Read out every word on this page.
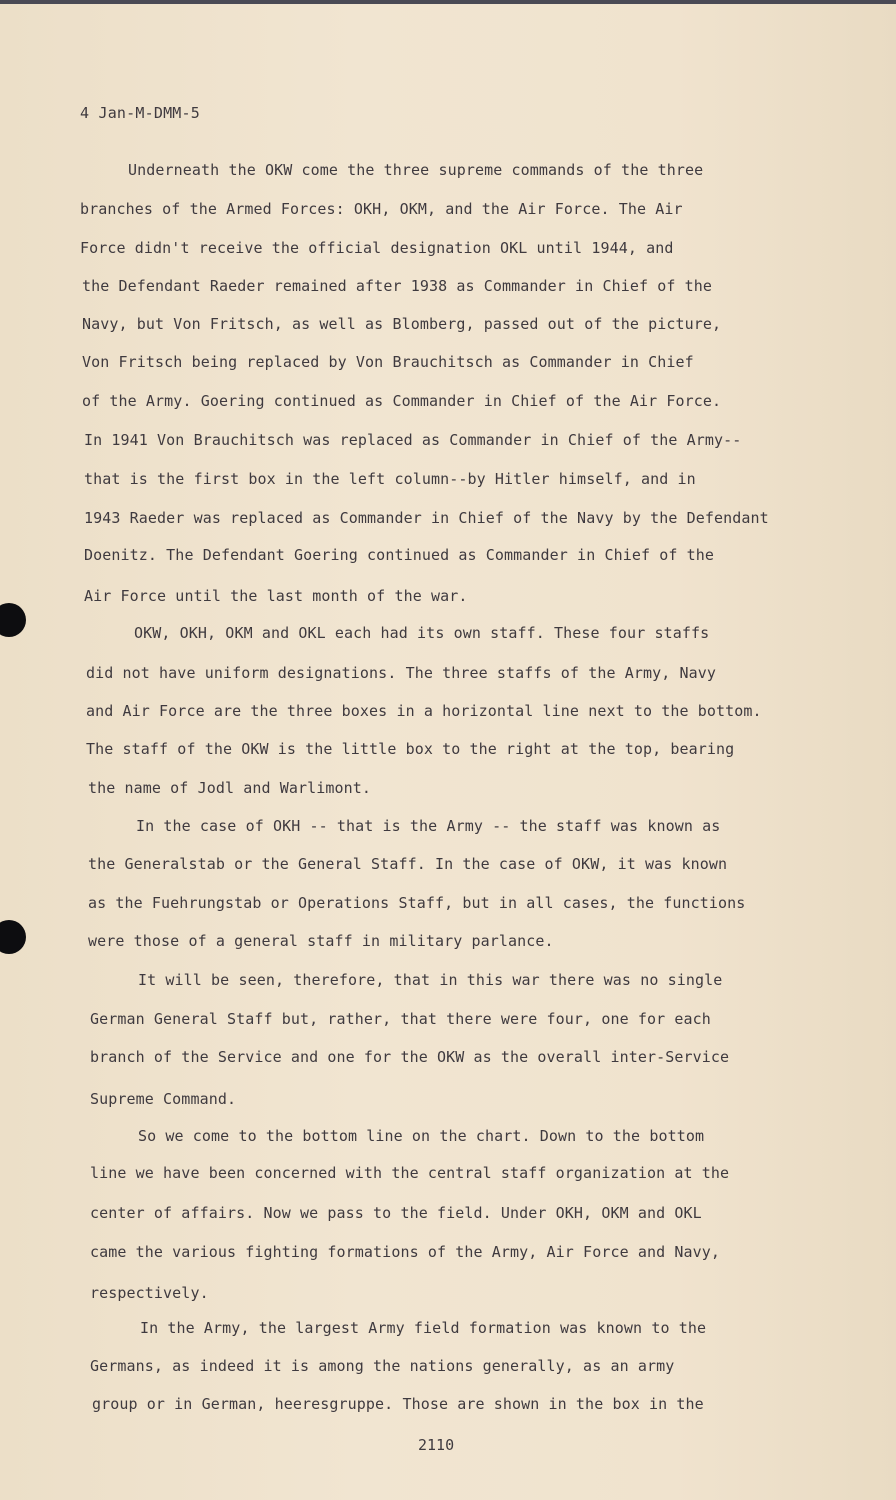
4 Jan-M-DMM-5
Underneath the OKW come the three supreme commands of the three
branches of the Armed Forces: OKH, OKM, and the Air Force. The Air
Force didn't receive the official designation OKL until 1944, and
the Defendant Raeder remained after 1938 as Commander in Chief of the
Navy, but Von Fritsch, as well as Blomberg, passed out of the picture,
Von Fritsch being replaced by Von Brauchitsch as Commander in Chief
of the Army. Goering continued as Commander in Chief of the Air Force.
In 1941 Von Brauchitsch was replaced as Commander in Chief of the Army--
that is the first box in the left column--by Hitler himself, and in
1943 Raeder was replaced as Commander in Chief of the Navy by the Defendant
Doenitz. The Defendant Goering continued as Commander in Chief of the
Air Force until the last month of the war.
OKW, OKH, OKM and OKL each had its own staff. These four staffs
did not have uniform designations. The three staffs of the Army, Navy
and Air Force are the three boxes in a horizontal line next to the bottom.
The staff of the OKW is the little box to the right at the top, bearing
the name of Jodl and Warlimont.
In the case of OKH -- that is the Army -- the staff was known as
the Generalstab or the General Staff. In the case of OKW, it was known
as the Fuehrungstab or Operations Staff, but in all cases, the functions
were those of a general staff in military parlance.
It will be seen, therefore, that in this war there was no single
German General Staff but, rather, that there were four, one for each
branch of the Service and one for the OKW as the overall inter-Service
Supreme Command.
So we come to the bottom line on the chart. Down to the bottom
line we have been concerned with the central staff organization at the
center of affairs. Now we pass to the field. Under OKH, OKM and OKL
came the various fighting formations of the Army, Air Force and Navy,
respectively.
In the Army, the largest Army field formation was known to the
Germans, as indeed it is among the nations generally, as an army
group or in German, heeresgruppe. Those are shown in the box in the
2110
